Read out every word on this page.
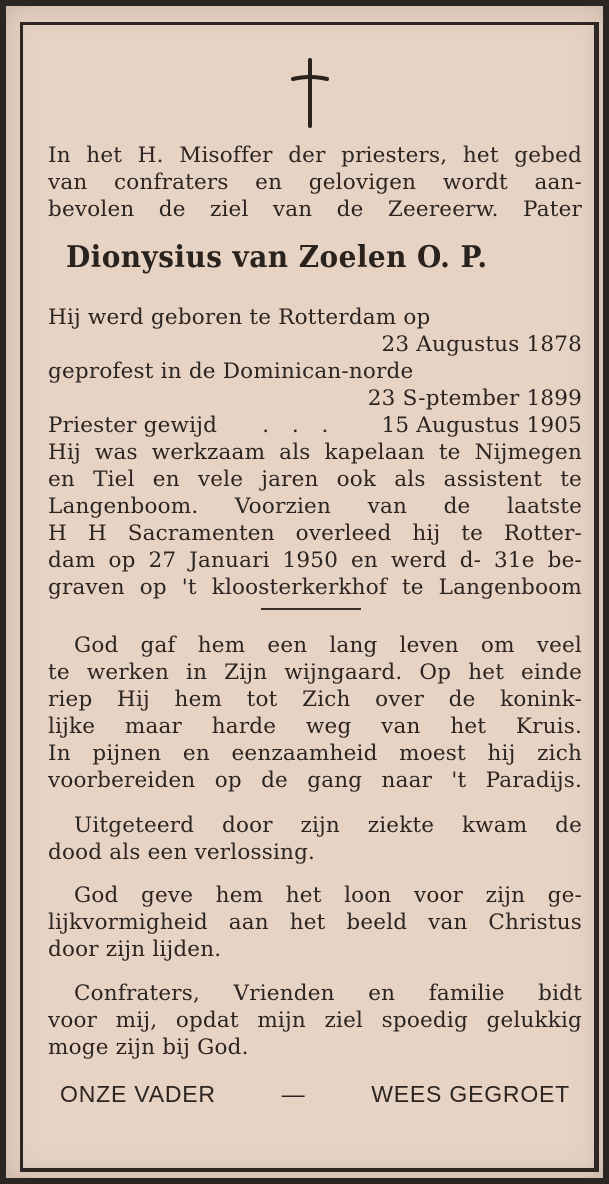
In het H. Misoffer der priesters, het gebed
van confraters en gelovigen wordt aan-
bevolen de ziel van de Zeereerw. Pater
Dionysius van Zoelen O. P.
Hij werd geboren te Rotterdam op
23 Augustus 1878
geprofest in de Dominican-norde
23 S-ptember 1899
Priester gewijd . . . 15 Augustus 1905
Hij was werkzaam als kapelaan te Nijmegen
en Tiel en vele jaren ook als assistent te
Langenboom. Voorzien van de laatste
H H Sacramenten overleed hij te Rotter-
dam op 27 Januari 1950 en werd d- 31e be-
graven op 't kloosterkerkhof te Langenboom
God gaf hem een lang leven om veel
te werken in Zijn wijngaard. Op het einde
riep Hij hem tot Zich over de konink-
lijke maar harde weg van het Kruis.
In pijnen en eenzaamheid moest hij zich
voorbereiden op de gang naar 't Paradijs.
Uitgeteerd door zijn ziekte kwam de
dood als een verlossing.
God geve hem het loon voor zijn ge-
lijkvormigheid aan het beeld van Christus
door zijn lijden.
Confraters, Vrienden en familie bidt
voor mij, opdat mijn ziel spoedig gelukkig
moge zijn bij God.
ONZE VADER	—	WEES GEGROET
